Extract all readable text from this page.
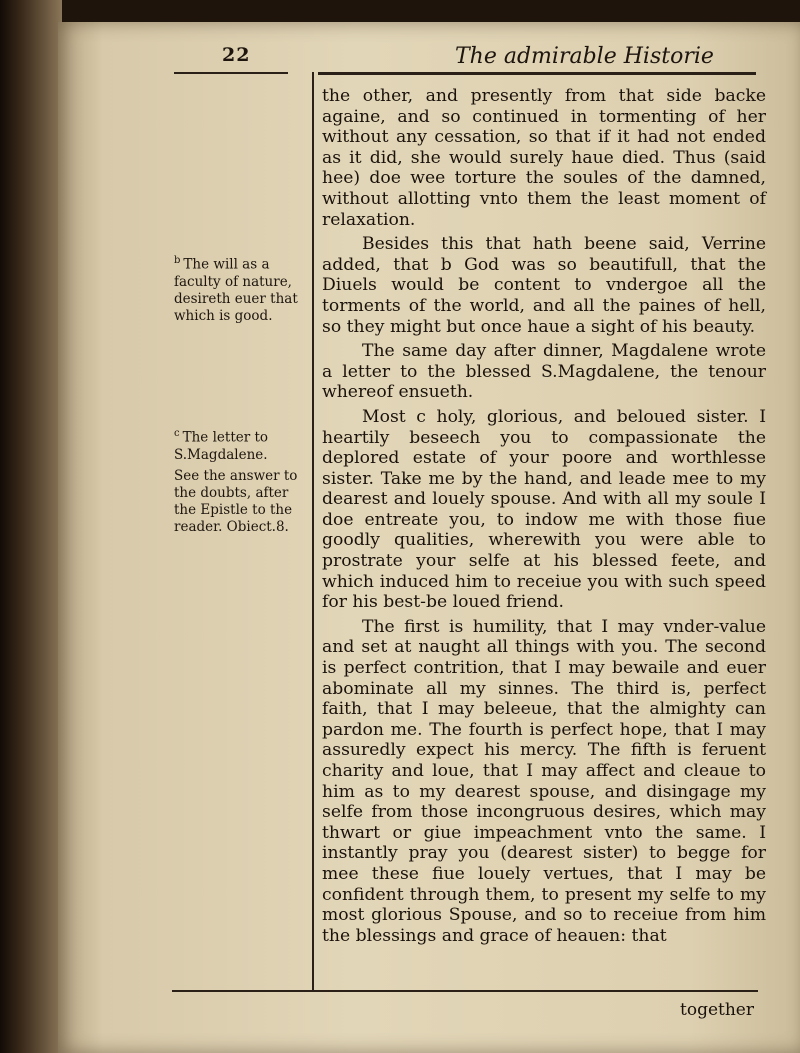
22	The admirable Historie

$^b$ The will as a faculty of nature, desireth euer that which is good.

$^c$ The letter to S.Magdalene.

See the answer to the doubts, after the Epistle to the reader. Obiect.8.

the other, and presently from that side backe againe, and so continued in tormenting of her without any cessation, so that if it had not ended as it did, she would surely haue died. Thus (said hee) doe wee torture the soules of the damned, without allotting vnto them the least moment of relaxation.

Besides this that hath beene said, Verrine added, that b God was so beautifull, that the Diuels would be content to vndergoe all the torments of the world, and all the paines of hell, so they might but once haue a sight of his beauty.

The same day after dinner, Magdalene wrote a letter to the blessed S.Magdalene, the tenour whereof ensueth.

Most c holy, glorious, and beloued sister. I heartily beseech you to compassionate the deplored estate of your poore and worthlesse sister. Take me by the hand, and leade mee to my dearest and louely spouse. And with all my soule I doe entreate you, to indow me with those fiue goodly qualities, wherewith you were able to prostrate your selfe at his blessed feete, and which induced him to receiue you with such speed for his best-be loued friend.

The first is humility, that I may vnder-value and set at naught all things with you. The second is perfect contrition, that I may bewaile and euer abominate all my sinnes. The third is, perfect faith, that I may beleeue, that the almighty can pardon me. The fourth is perfect hope, that I may assuredly expect his mercy. The fifth is feruent charity and loue, that I may affect and cleaue to him as to my dearest spouse, and disingage my selfe from those incongruous desires, which may thwart or giue impeachment vnto the same. I instantly pray you (dearest sister) to begge for mee these fiue louely vertues, that I may be confident through them, to present my selfe to my most glorious Spouse, and so to receiue from him the blessings and grace of heauen: that

together
